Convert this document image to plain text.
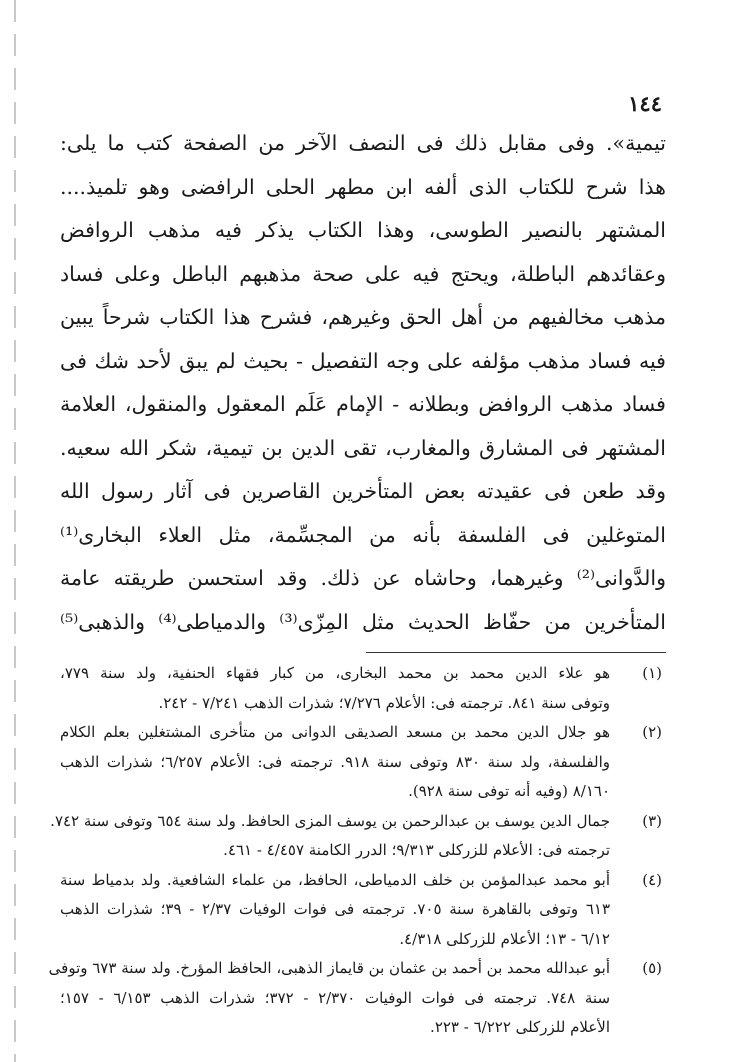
١٤٤
تيمية». وفى مقابل ذلك فى النصف الآخر من الصفحة كتب ما يلى:
هذا شرح للكتاب الذى ألفه ابن مطهر الحلى الرافضى وهو تلميذ....
المشتهر بالنصير الطوسى، وهذا الكتاب يذكر فيه مذهب الروافض
وعقائدهم الباطلة، ويحتج فيه على صحة مذهبهم الباطل وعلى فساد
مذهب مخالفيهم من أهل الحق وغيرهم، فشرح هذا الكتاب شرحاً يبين
فيه فساد مذهب مؤلفه على وجه التفصيل - بحيث لم يبق لأحد شك فى
فساد مذهب الروافض وبطلانه - الإمام عَلَم المعقول والمنقول، العلامة
المشتهر فى المشارق والمغارب، تقى الدين بن تيمية، شكر الله سعيه.
وقد طعن فى عقيدته بعض المتأخرين القاصرين فى آثار رسول الله
المتوغلين فى الفلسفة بأنه من المجسِّمة، مثل العلاء البخارى⁽¹⁾
والدَّوانى⁽²⁾ وغيرهما، وحاشاه عن ذلك. وقد استحسن طريقته عامة
المتأخرين من حفّاظ الحديث مثل المِزّى⁽³⁾ والدمياطى⁽⁴⁾ والذهبى⁽⁵⁾
(١)
هو علاء الدين محمد بن محمد البخارى، من كبار فقهاء الحنفية، ولد سنة ٧٧٩،
وتوفى سنة ٨٤١. ترجمته فى: الأعلام ٧/٢٧٦؛ شذرات الذهب ٧/٢٤١ - ٢٤٢.
(٢)
هو جلال الدين محمد بن مسعد الصديقى الدوانى من متأخرى المشتغلين بعلم الكلام
والفلسفة، ولد سنة ٨٣٠ وتوفى سنة ٩١٨. ترجمته فى: الأعلام ٦/٢٥٧؛ شذرات الذهب
٨/١٦٠ (وفيه أنه توفى سنة ٩٢٨).
(٣)
جمال الدين يوسف بن عبدالرحمن بن يوسف المزى الحافظ. ولد سنة ٦٥٤ وتوفى سنة ٧٤٢.
ترجمته فى: الأعلام للزركلى ٩/٣١٣؛ الدرر الكامنة ٤/٤٥٧ - ٤٦١.
(٤)
أبو محمد عبدالمؤمن بن خلف الدمياطى، الحافظ، من علماء الشافعية. ولد بدمياط سنة
٦١٣ وتوفى بالقاهرة سنة ٧٠٥. ترجمته فى فوات الوفيات ٢/٣٧ - ٣٩؛ شذرات الذهب
٦/١٢ - ١٣؛ الأعلام للزركلى ٤/٣١٨.
(٥)
أبو عبدالله محمد بن أحمد بن عثمان بن قايماز الذهبى، الحافظ المؤرخ. ولد سنة ٦٧٣ وتوفى
سنة ٧٤٨. ترجمته فى فوات الوفيات ٢/٣٧٠ - ٣٧٢؛ شذرات الذهب ٦/١٥٣ - ١٥٧؛
الأعلام للزركلى ٦/٢٢٢ - ٢٢٣.
